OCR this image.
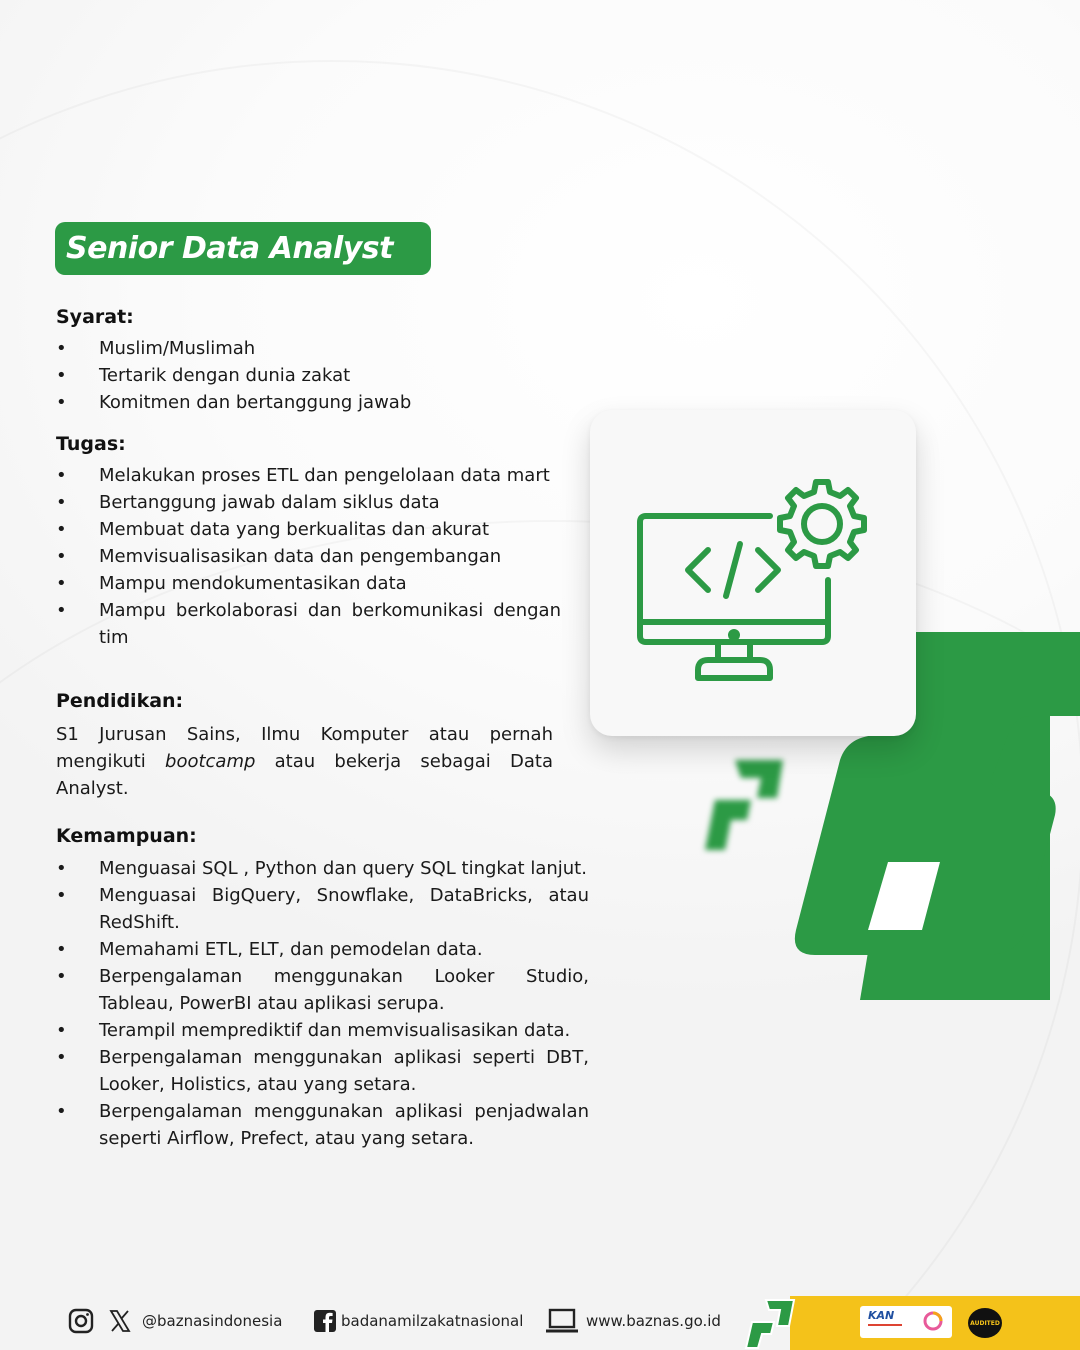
Senior Data Analyst
Syarat:
• Muslim/Muslimah
• Tertarik dengan dunia zakat
• Komitmen dan bertanggung jawab
Tugas:
• Melakukan proses ETL dan pengelolaan data mart
• Bertanggung jawab dalam siklus data
• Membuat data yang berkualitas dan akurat
• Memvisualisasikan data dan pengembangan
• Mampu mendokumentasikan data
• Mampu berkolaborasi dan berkomunikasi dengan tim
Pendidikan:
S1 Jurusan Sains, Ilmu Komputer atau pernah mengikuti bootcamp atau bekerja sebagai Data Analyst.
Kemampuan:
• Menguasai SQL , Python dan query SQL tingkat lanjut.
• Menguasai BigQuery, Snowflake, DataBricks, atau RedShift.
• Memahami ETL, ELT, dan pemodelan data.
• Berpengalaman menggunakan Looker Studio, Tableau, PowerBI atau aplikasi serupa.
• Terampil memprediktif dan memvisualisasikan data.
• Berpengalaman menggunakan aplikasi seperti DBT, Looker, Holistics, atau yang setara.
• Berpengalaman menggunakan aplikasi penjadwalan seperti Airflow, Prefect, atau yang setara.
@baznasindonesia	badanamilzakatnasional	www.baznas.go.id	KAN
AUDITED
